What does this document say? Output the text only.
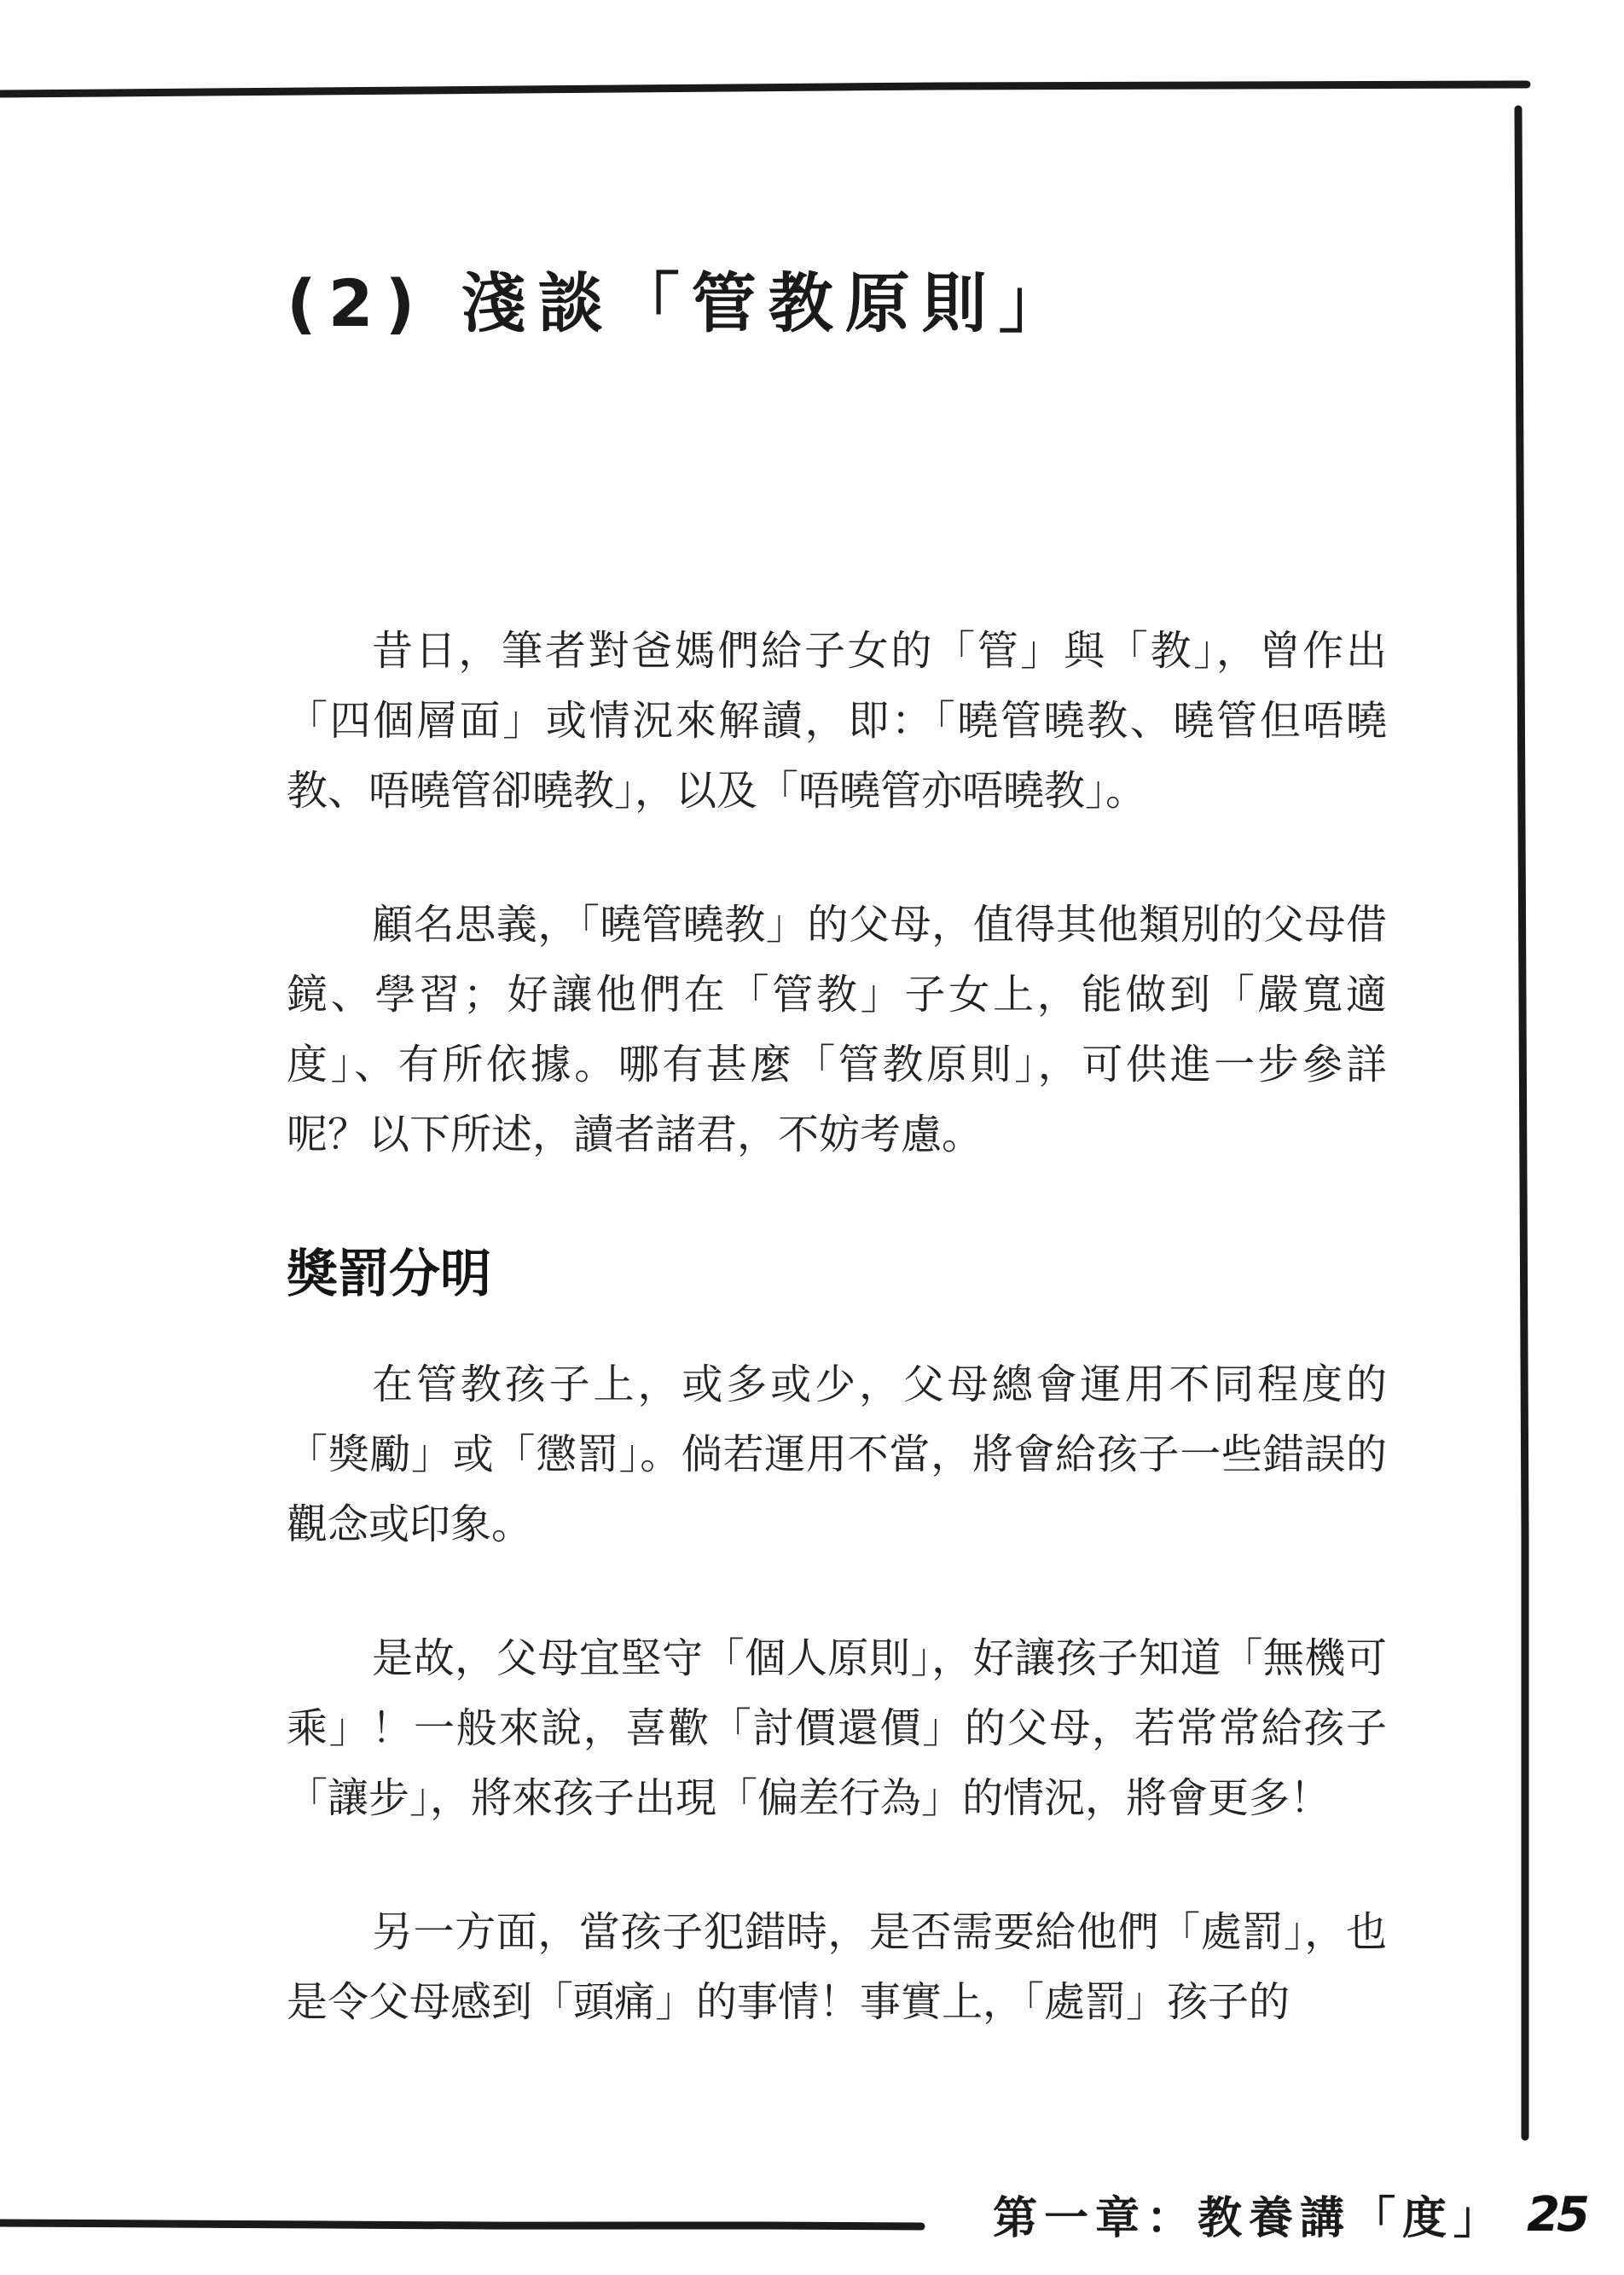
(2) 淺談「管教原則」

昔日，筆者對爸媽們給子女的「管」與「教」，曾作出「四個層面」或情況來解讀，即：「曉管曉教、曉管但唔曉教、唔曉管卻曉教」，以及「唔曉管亦唔曉教」。

顧名思義，「曉管曉教」的父母，值得其他類別的父母借鏡、學習；好讓他們在「管教」子女上，能做到「嚴寬適度」、有所依據。哪有甚麼「管教原則」，可供進一步參詳呢？以下所述，讀者諸君，不妨考慮。

獎罰分明

在管教孩子上，或多或少，父母總會運用不同程度的「獎勵」或「懲罰」。倘若運用不當，將會給孩子一些錯誤的觀念或印象。

是故，父母宜堅守「個人原則」，好讓孩子知道「無機可乘」！一般來說，喜歡「討價還價」的父母，若常常給孩子「讓步」，將來孩子出現「偏差行為」的情況，將會更多！

另一方面，當孩子犯錯時，是否需要給他們「處罰」，也是令父母感到「頭痛」的事情！事實上，「處罰」孩子的

第一章：教養講「度」 25
